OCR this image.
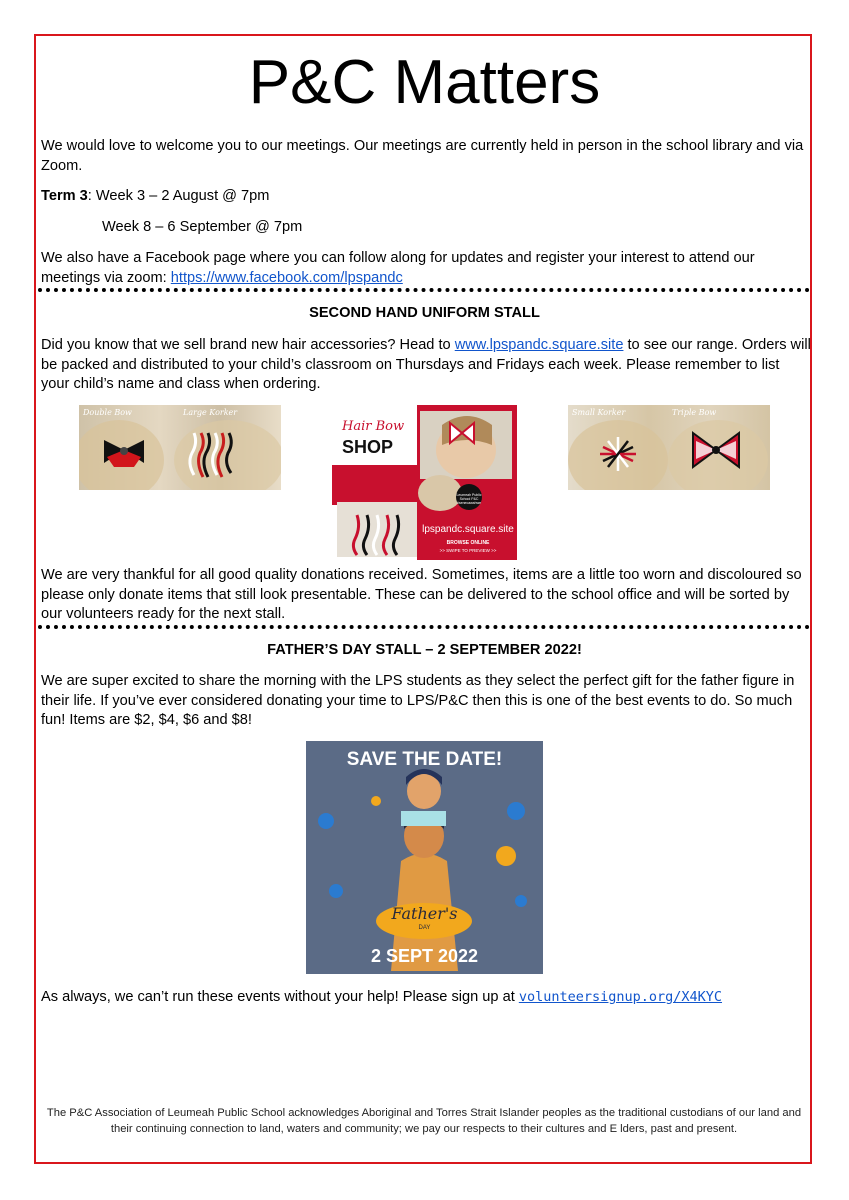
P&C Matters
We would love to welcome you to our meetings. Our meetings are currently held in person in the school library and via Zoom.
Term 3: Week 3 – 2 August @ 7pm
Week 8 – 6 September @ 7pm
We also have a Facebook page where you can follow along for updates and register your interest to attend our meetings via zoom: https://www.facebook.com/lpspandc
SECOND HAND UNIFORM STALL
Did you know that we sell brand new hair accessories? Head to www.lpspandc.square.site to see our range. Orders will be packed and distributed to your child’s classroom on Thursdays and Fridays each week. Please remember to list your child’s name and class when ordering.
Double Bow	Large Korker
Hair Bow
SHOP
Leumeah Public School P&C #senecawahwe
lpspandc.square.site
BROWSE ONLINE
>> SWIPE TO PREVIEW >>
Small Korker	Triple Bow
We are very thankful for all good quality donations received. Sometimes, items are a little too worn and discoloured so please only donate items that still look presentable. These can be delivered to the school office and will be sorted by our volunteers ready for the next stall.
FATHER’S DAY STALL – 2 SEPTEMBER 2022!
We are super excited to share the morning with the LPS students as they select the perfect gift for the father figure in their life. If you’ve ever considered donating your time to LPS/P&C then this is one of the best events to do. So much fun! Items are $2, $4, $6 and $8!
SAVE THE DATE!
Father's
DAY
2 SEPT 2022
As always, we can’t run these events without your help! Please sign up at volunteersignup.org/X4KYC
The P&C Association of Leumeah Public School acknowledges Aboriginal and Torres Strait Islander peoples as the traditional custodians of our land and their continuing connection to land, waters and community; we pay our respects to their cultures and E lders, past and present.
